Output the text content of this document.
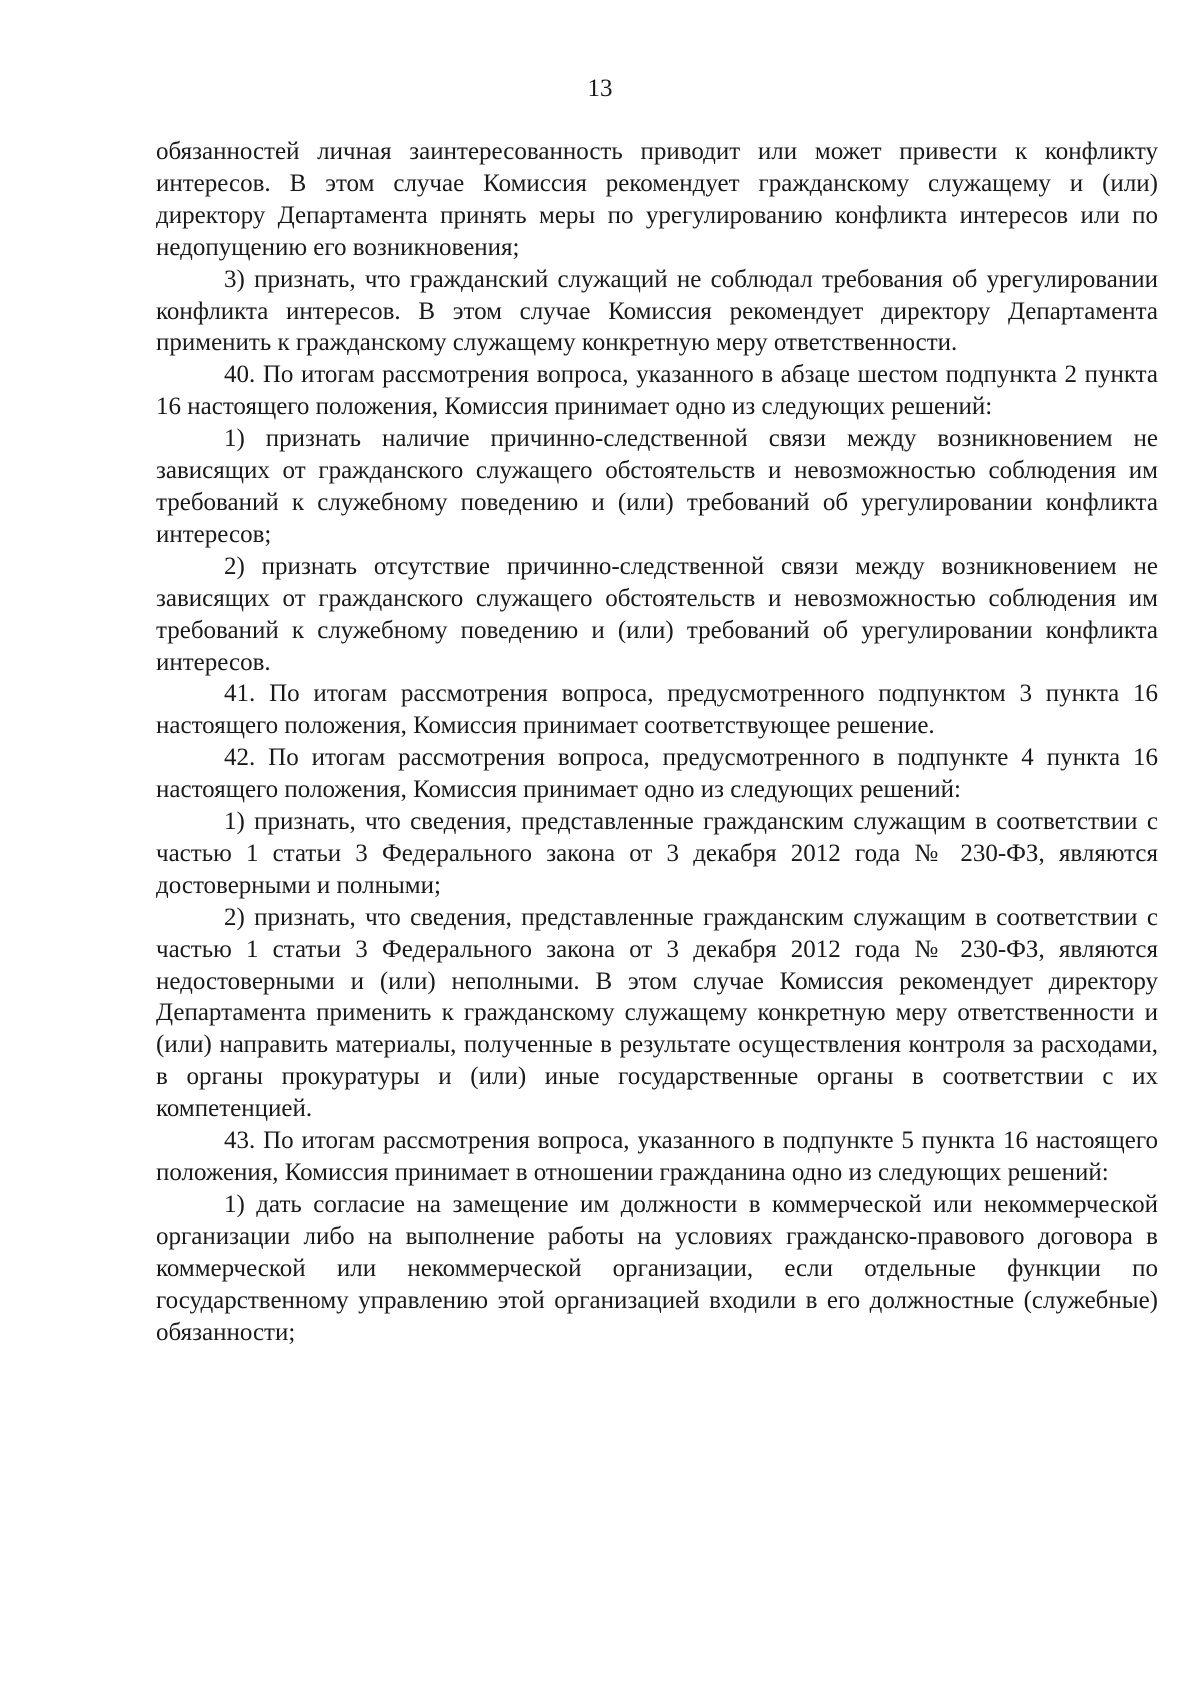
13

обязанностей личная заинтересованность приводит или может привести к конфликту интересов. В этом случае Комиссия рекомендует гражданскому служащему и (или) директору Департамента принять меры по урегулированию конфликта интересов или по недопущению его возникновения;

3) признать, что гражданский служащий не соблюдал требования об урегулировании конфликта интересов. В этом случае Комиссия рекомендует директору Департамента применить к гражданскому служащему конкретную меру ответственности.

40. По итогам рассмотрения вопроса, указанного в абзаце шестом подпункта 2 пункта 16 настоящего положения, Комиссия принимает одно из следующих решений:

1) признать наличие причинно-следственной связи между возникновением не зависящих от гражданского служащего обстоятельств и невозможностью соблюдения им требований к служебному поведению и (или) требований об урегулировании конфликта интересов;

2) признать отсутствие причинно-следственной связи между возникновением не зависящих от гражданского служащего обстоятельств и невозможностью соблюдения им требований к служебному поведению и (или) требований об урегулировании конфликта интересов.

41. По итогам рассмотрения вопроса, предусмотренного подпунктом 3 пункта 16 настоящего положения, Комиссия принимает соответствующее решение.

42. По итогам рассмотрения вопроса, предусмотренного в подпункте 4 пункта 16 настоящего положения, Комиссия принимает одно из следующих решений:

1) признать, что сведения, представленные гражданским служащим в соответствии с частью 1 статьи 3 Федерального закона от 3 декабря 2012 года № 230-ФЗ, являются достоверными и полными;

2) признать, что сведения, представленные гражданским служащим в соответствии с частью 1 статьи 3 Федерального закона от 3 декабря 2012 года № 230-ФЗ, являются недостоверными и (или) неполными. В этом случае Комиссия рекомендует директору Департамента применить к гражданскому служащему конкретную меру ответственности и (или) направить материалы, полученные в результате осуществления контроля за расходами, в органы прокуратуры и (или) иные государственные органы в соответствии с их компетенцией.

43. По итогам рассмотрения вопроса, указанного в подпункте 5 пункта 16 настоящего положения, Комиссия принимает в отношении гражданина одно из следующих решений:

1) дать согласие на замещение им должности в коммерческой или некоммерческой организации либо на выполнение работы на условиях гражданско-правового договора в коммерческой или некоммерческой организации, если отдельные функции по государственному управлению этой организацией входили в его должностные (служебные) обязанности;
